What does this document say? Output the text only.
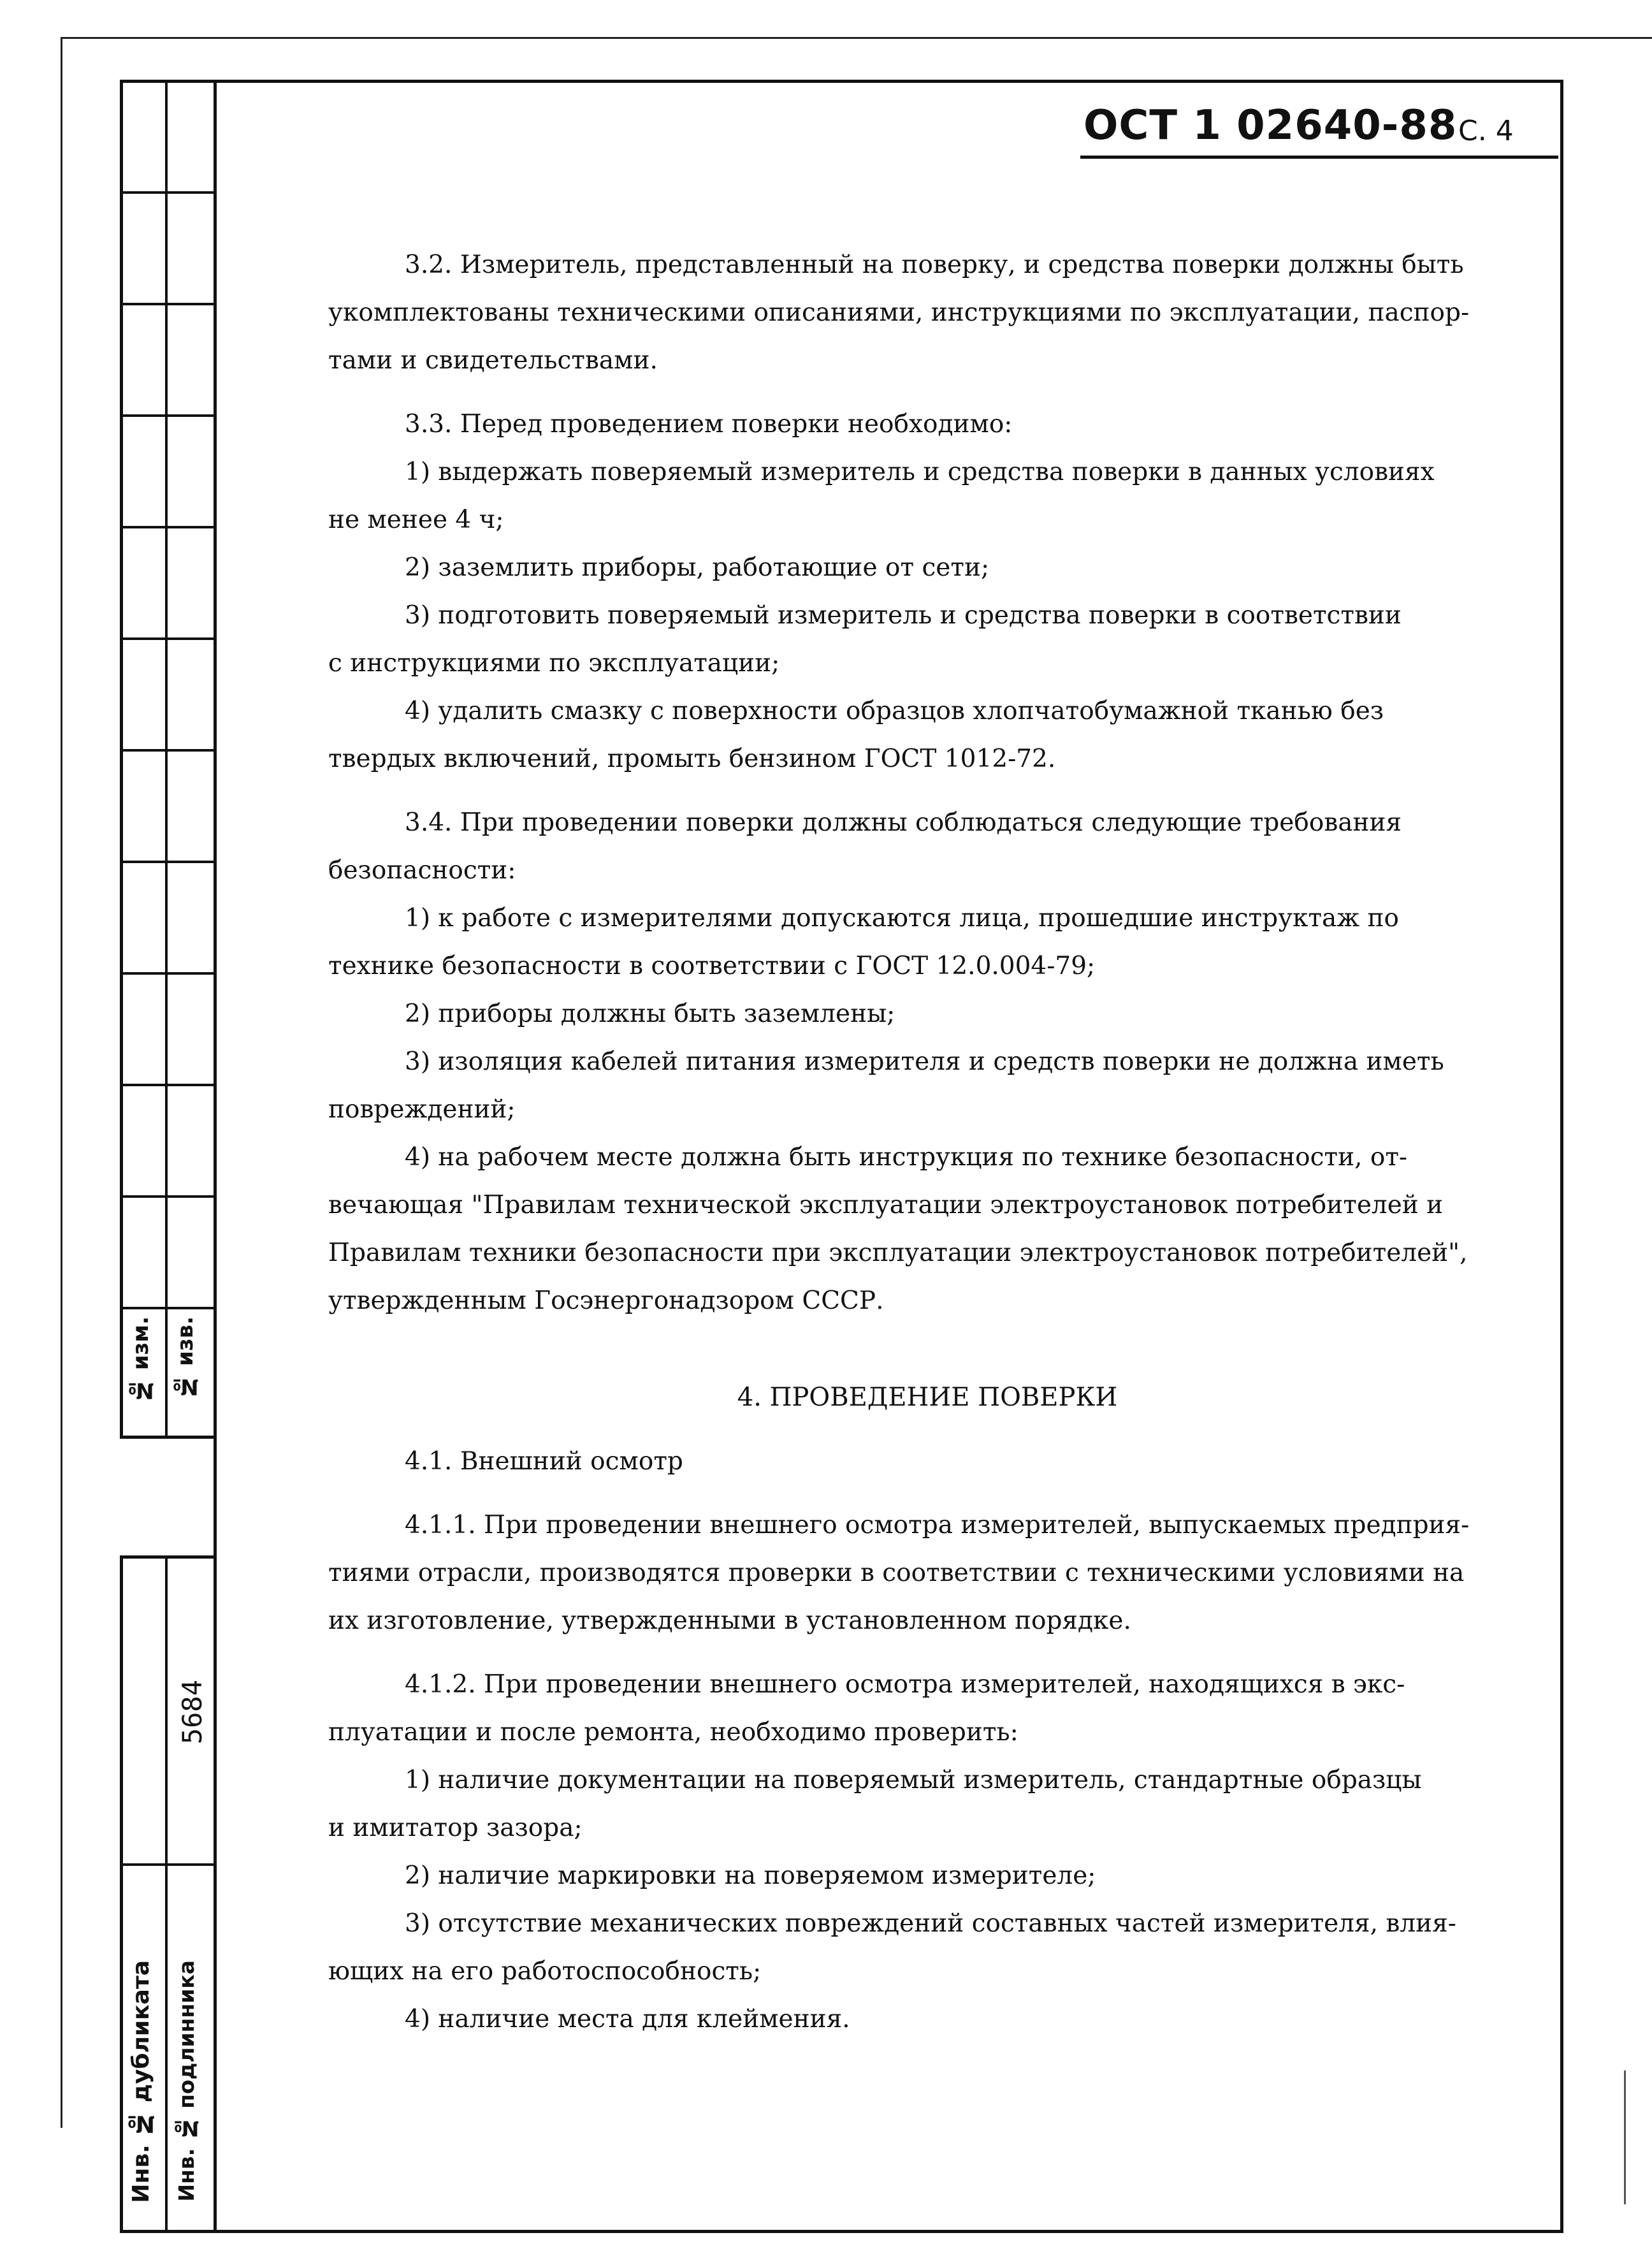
№ изм. № изв.
5684
Инв. № дубликата Инв. № подлинника
ОСТ 1 02640-88 С. 4
3.2. Измеритель, представленный на поверку, и средства поверки должны быть
укомплектованы техническими описаниями, инструкциями по эксплуатации, паспор-
тами и свидетельствами.
3.3. Перед проведением поверки необходимо:
1) выдержать поверяемый измеритель и средства поверки в данных условиях
не менее 4 ч;
2) заземлить приборы, работающие от сети;
3) подготовить поверяемый измеритель и средства поверки в соответствии
с инструкциями по эксплуатации;
4) удалить смазку с поверхности образцов хлопчатобумажной тканью без
твердых включений, промыть бензином ГОСТ 1012-72.
3.4. При проведении поверки должны соблюдаться следующие требования
безопасности:
1) к работе с измерителями допускаются лица, прошедшие инструктаж по
технике безопасности в соответствии с ГОСТ 12.0.004-79;
2) приборы должны быть заземлены;
3) изоляция кабелей питания измерителя и средств поверки не должна иметь
повреждений;
4) на рабочем месте должна быть инструкция по технике безопасности, от-
вечающая "Правилам технической эксплуатации электроустановок потребителей и
Правилам техники безопасности при эксплуатации электроустановок потребителей",
утвержденным Госэнергонадзором СССР.
4. ПРОВЕДЕНИЕ ПОВЕРКИ
4.1. Внешний осмотр
4.1.1. При проведении внешнего осмотра измерителей, выпускаемых предприя-
тиями отрасли, производятся проверки в соответствии с техническими условиями на
их изготовление, утвержденными в установленном порядке.
4.1.2. При проведении внешнего осмотра измерителей, находящихся в экс-
плуатации и после ремонта, необходимо проверить:
1) наличие документации на поверяемый измеритель, стандартные образцы
и имитатор зазора;
2) наличие маркировки на поверяемом измерителе;
3) отсутствие механических повреждений составных частей измерителя, влия-
ющих на его работоспособность;
4) наличие места для клеймения.
